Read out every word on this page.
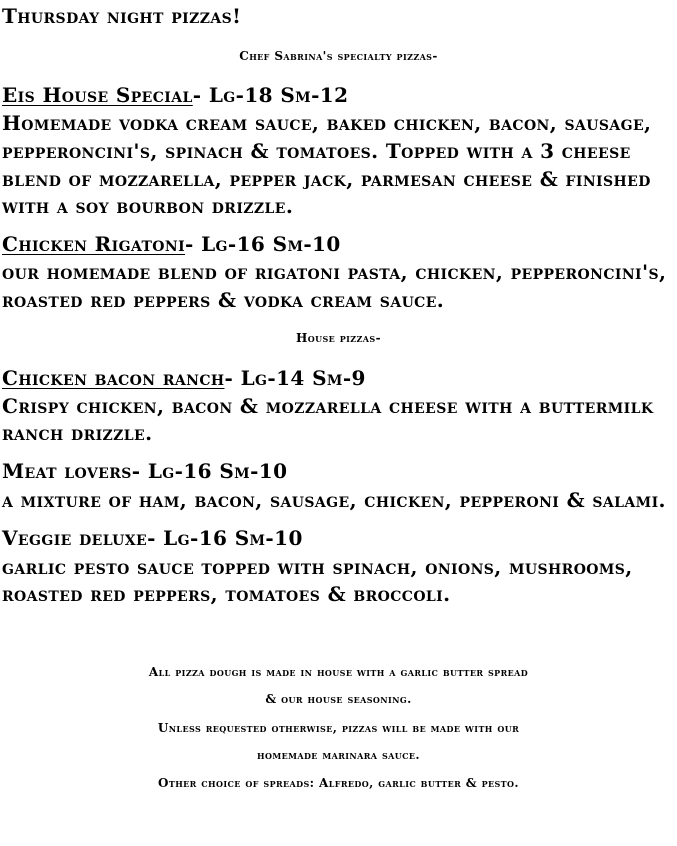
Thursday night pizzas!
Chef Sabrina's specialty pizzas-
Eis House Special- Lg-18 Sm-12
Homemade vodka cream sauce, baked chicken, bacon, sausage,
pepperoncini's, spinach & tomatoes. Topped with a 3 cheese
blend of mozzarella, pepper jack, parmesan cheese & finished
with a soy bourbon drizzle.
Chicken Rigatoni- Lg-16 Sm-10
our homemade blend of rigatoni pasta, chicken, pepperoncini's,
roasted red peppers & vodka cream sauce.
House pizzas-
Chicken bacon ranch- Lg-14 Sm-9
Crispy chicken, bacon & mozzarella cheese with a buttermilk
ranch drizzle.
Meat lovers- Lg-16 Sm-10
a mixture of ham, bacon, sausage, chicken, pepperoni & salami.
Veggie deluxe- Lg-16 Sm-10
garlic pesto sauce topped with spinach, onions, mushrooms,
roasted red peppers, tomatoes & broccoli.
All pizza dough is made in house with a garlic butter spread
& our house seasoning.
Unless requested otherwise, pizzas will be made with our
homemade marinara sauce.
Other choice of spreads: Alfredo, garlic butter & pesto.
